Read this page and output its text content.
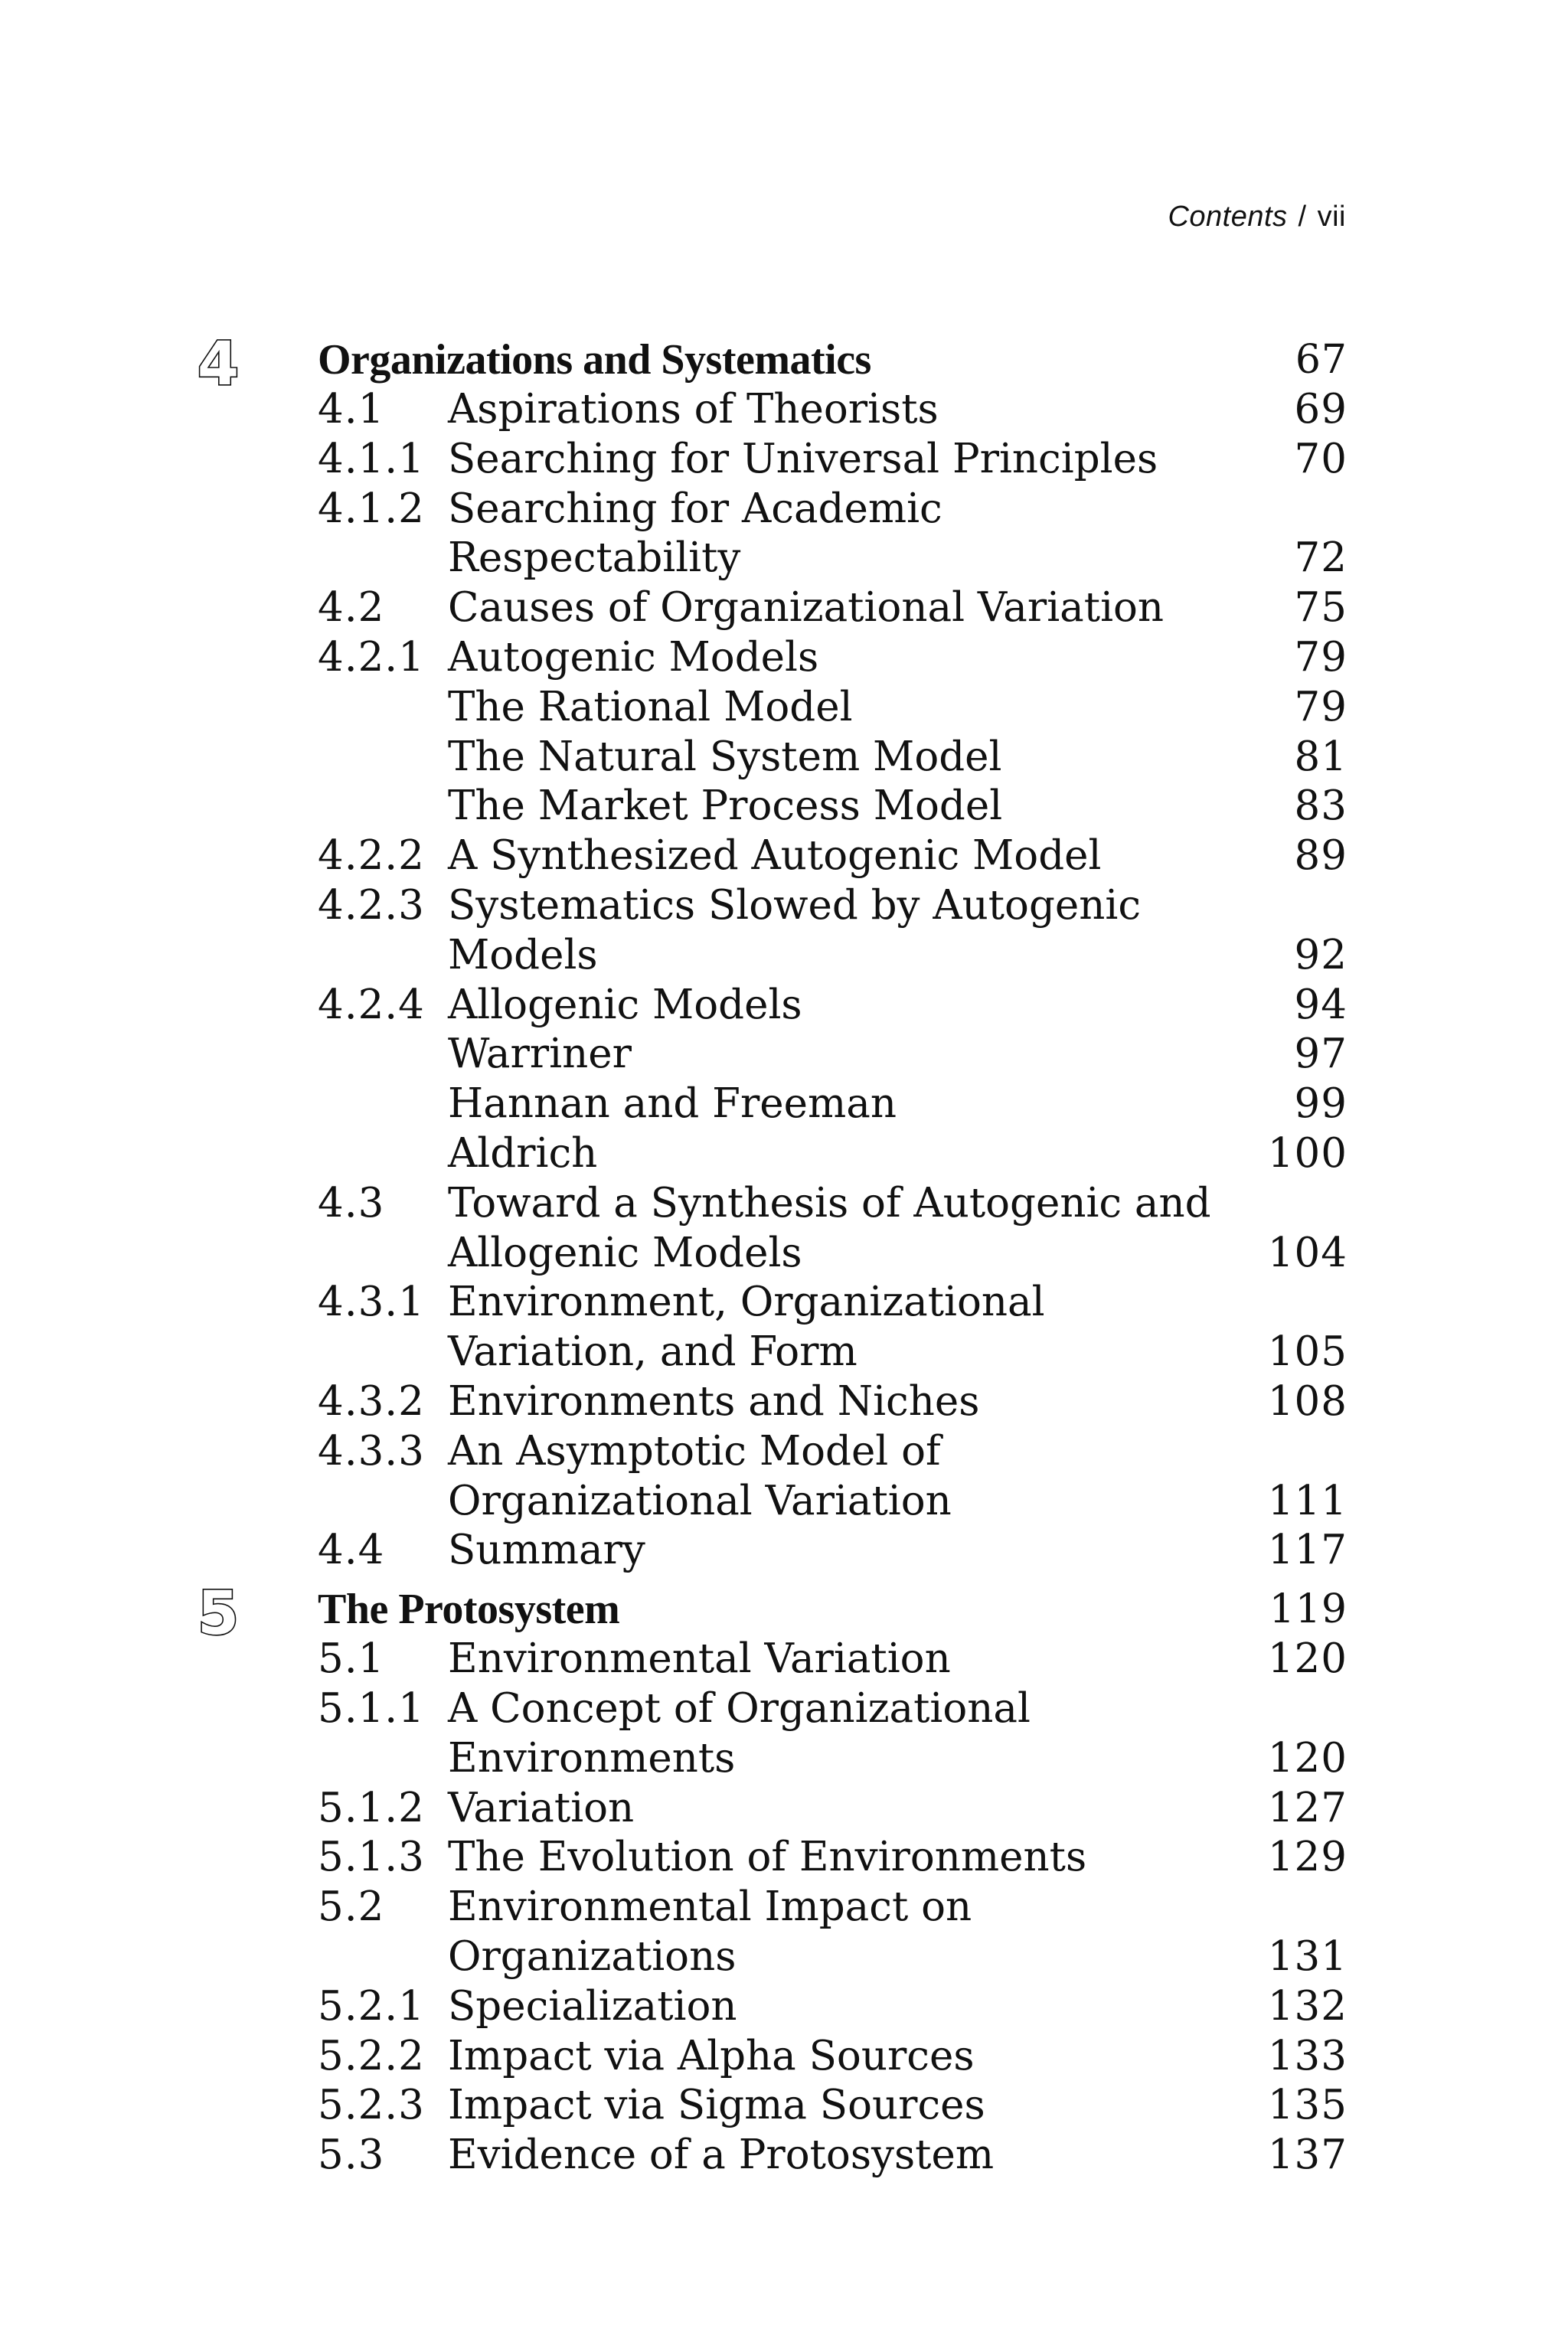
Contents / vii
4 Organizations and Systematics	67
4.1	Aspirations of Theorists	69
4.1.1 Searching for Universal Principles	70
4.1.2 Searching for Academic Respectability	72
4.2	Causes of Organizational Variation	75
4.2.1 Autogenic Models	79
The Rational Model	79
The Natural System Model	81
The Market Process Model	83
4.2.2 A Synthesized Autogenic Model	89
4.2.3 Systematics Slowed by Autogenic Models	92
4.2.4 Allogenic Models	94
Warriner	97
Hannan and Freeman	99
Aldrich	100
4.3	Toward a Synthesis of Autogenic and Allogenic Models	104
4.3.1 Environment, Organizational Variation, and Form	105
4.3.2 Environments and Niches	108
4.3.3 An Asymptotic Model of Organizational Variation	111
4.4	Summary	117
5 The Protosystem	119
5.1	Environmental Variation	120
5.1.1 A Concept of Organizational Environments	120
5.1.2 Variation	127
5.1.3 The Evolution of Environments	129
5.2	Environmental Impact on Organizations	131
5.2.1 Specialization	132
5.2.2 Impact via Alpha Sources	133
5.2.3 Impact via Sigma Sources	135
5.3	Evidence of a Protosystem	137
